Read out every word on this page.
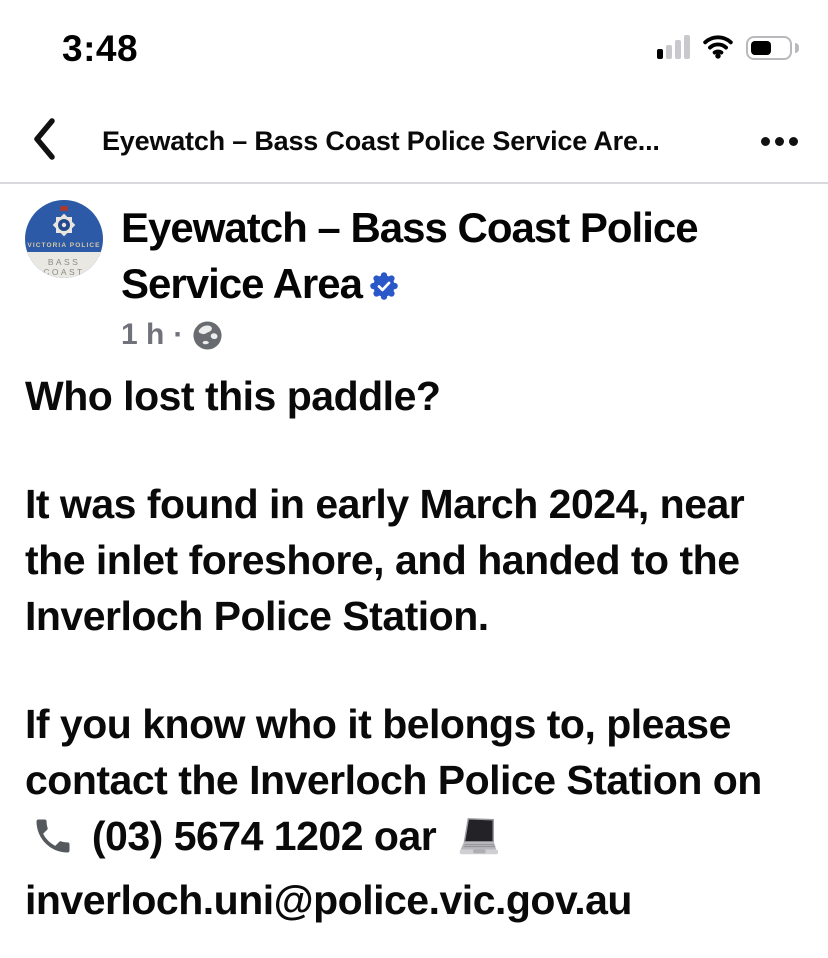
3:48
Eyewatch – Bass Coast Police Service Are...
VICTORIA POLICE
BASS COAST
Eyewatch – Bass Coast Police Service Area
1 h ·

Who lost this paddle?

It was found in early March 2024, near the inlet foreshore, and handed to the Inverloch Police Station.

If you know who it belongs to, please contact the Inverloch Police Station on  (03) 5674 1202 oar
inverloch.uni@police.vic.gov.au
